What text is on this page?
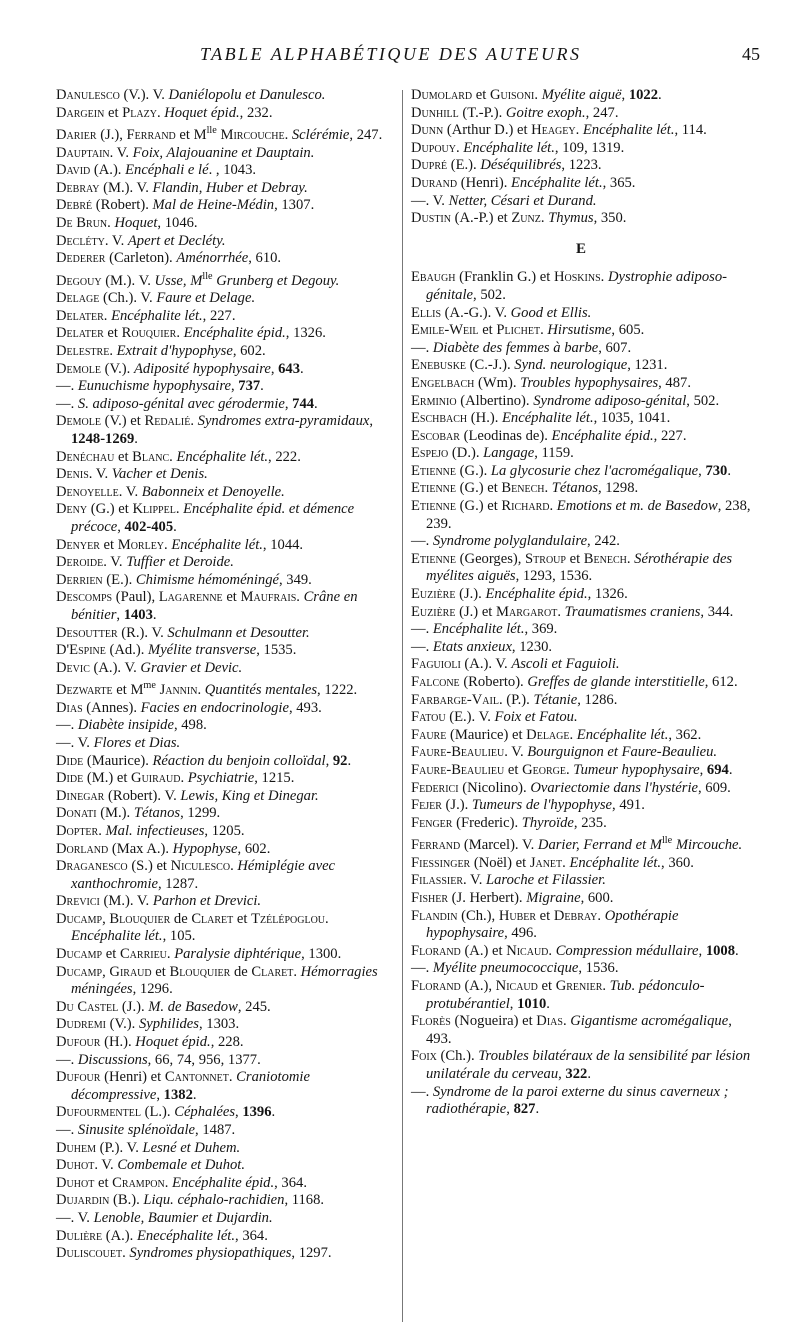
TABLE ALPHABÉTIQUE DES AUTEURS	45

Danulesco (V.). V. Daniélopolu et Danulesco.

Dargein et Plazy. Hoquet épid., 232.

Darier (J.), Ferrand et $M^{lle}$ Mircouche. Sclérémie, 247.

Dauptain. V. Foix, Alajouanine et Dauptain.

David (A.). Encéphali e lé. , 1043.

Debray (M.). V. Flandin, Huber et Debray.

Debré (Robert). Mal de Heine-Médin, 1307.

De Brun. Hoquet, 1046.

Decléty. V. Apert et Decléty.

Dederer (Carleton). Aménorrhée, 610.

Degouy (M.). V. Usse, $M^{lle}$ Grunberg et Degouy.

Delage (Ch.). V. Faure et Delage.

Delater. Encéphalite lét., 227.

Delater et Rouquier. Encéphalite épid., 1326.

Delestre. Extrait d'hypophyse, 602.

Demole (V.). Adiposité hypophysaire, 643.

—. Eunuchisme hypophysaire, 737.

—. S. adiposo-génital avec gérodermie, 744.

Demole (V.) et Redalié. Syndromes extra-pyramidaux, 1248-1269.

Denéchau et Blanc. Encéphalite lét., 222.

Denis. V. Vacher et Denis.

Denoyelle. V. Babonneix et Denoyelle.

Deny (G.) et Klippel. Encéphalite épid. et démence précoce, 402-405.

Denyer et Morley. Encéphalite lét., 1044.

Deroide. V. Tuffier et Deroide.

Derrien (E.). Chimisme hémoméningé, 349.

Descomps (Paul), Lagarenne et Maufrais. Crâne en bénitier, 1403.

Desoutter (R.). V. Schulmann et Desoutter.

D'Espine (Ad.). Myélite transverse, 1535.

Devic (A.). V. Gravier et Devic.

Dezwarte et $M^{me}$ Jannin. Quantités mentales, 1222.

Dias (Annes). Facies en endocrinologie, 493.

—. Diabète insipide, 498.

—. V. Flores et Dias.

Dide (Maurice). Réaction du benjoin colloïdal, 92.

Dide (M.) et Guiraud. Psychiatrie, 1215.

Dinegar (Robert). V. Lewis, King et Dinegar.

Donati (M.). Tétanos, 1299.

Dopter. Mal. infectieuses, 1205.

Dorland (Max A.). Hypophyse, 602.

Draganesco (S.) et Niculesco. Hémiplégie avec xanthochromie, 1287.

Drevici (M.). V. Parhon et Drevici.

Ducamp, Blouquier de Claret et Tzélépoglou. Encéphalite lét., 105.

Ducamp et Carrieu. Paralysie diphtérique, 1300.

Ducamp, Giraud et Blouquier de Claret. Hémorragies méningées, 1296.

Du Castel (J.). M. de Basedow, 245.

Dudremi (V.). Syphilides, 1303.

Dufour (H.). Hoquet épid., 228.

—. Discussions, 66, 74, 956, 1377.

Dufour (Henri) et Cantonnet. Craniotomie décompressive, 1382.

Dufourmentel (L.). Céphalées, 1396.

—. Sinusite splénoïdale, 1487.

Duhem (P.). V. Lesné et Duhem.

Duhot. V. Combemale et Duhot.

Duhot et Crampon. Encéphalite épid., 364.

Dujardin (B.). Liqu. céphalo-rachidien, 1168.

—. V. Lenoble, Baumier et Dujardin.

Dulière (A.). Enecéphalite lét., 364.

Duliscouet. Syndromes physiopathiques, 1297.

Dumolard et Guisoni. Myélite aiguë, 1022.

Dunhill (T.-P.). Goitre exoph., 247.

Dunn (Arthur D.) et Heagey. Encéphalite lét., 114.

Dupouy. Encéphalite lét., 109, 1319.

Dupré (E.). Déséquilibrés, 1223.

Durand (Henri). Encéphalite lét., 365.

—. V. Netter, Césari et Durand.

Dustin (A.-P.) et Zunz. Thymus, 350.

E

Ebaugh (Franklin G.) et Hoskins. Dystrophie adiposo-génitale, 502.

Ellis (A.-G.). V. Good et Ellis.

Emile-Weil et Plichet. Hirsutisme, 605.

—. Diabète des femmes à barbe, 607.

Enebuske (C.-J.). Synd. neurologique, 1231.

Engelbach (Wm). Troubles hypophysaires, 487.

Erminio (Albertino). Syndrome adiposo-génital, 502.

Eschbach (H.). Encéphalite lét., 1035, 1041.

Escobar (Leodinas de). Encéphalite épid., 227.

Espejo (D.). Langage, 1159.

Etienne (G.). La glycosurie chez l'acromégalique, 730.

Etienne (G.) et Benech. Tétanos, 1298.

Etienne (G.) et Richard. Emotions et m. de Basedow, 238, 239.

—. Syndrome polyglandulaire, 242.

Etienne (Georges), Stroup et Benech. Sérothérapie des myélites aiguës, 1293, 1536.

Euzière (J.). Encéphalite épid., 1326.

Euzière (J.) et Margarot. Traumatismes craniens, 344.

—. Encéphalite lét., 369.

—. Etats anxieux, 1230.

Faguioli (A.). V. Ascoli et Faguioli.

Falcone (Roberto). Greffes de glande interstitielle, 612.

Farbarge-Vail. (P.). Tétanie, 1286.

Fatou (E.). V. Foix et Fatou.

Faure (Maurice) et Delage. Encéphalite lét., 362.

Faure-Beaulieu. V. Bourguignon et Faure-Beaulieu.

Faure-Beaulieu et George. Tumeur hypophysaire, 694.

Federici (Nicolino). Ovariectomie dans l'hystérie, 609.

Fejer (J.). Tumeurs de l'hypophyse, 491.

Fenger (Frederic). Thyroïde, 235.

Ferrand (Marcel). V. Darier, Ferrand et $M^{lle}$ Mircouche.

Fiessinger (Noël) et Janet. Encéphalite lét., 360.

Filassier. V. Laroche et Filassier.

Fisher (J. Herbert). Migraine, 600.

Flandin (Ch.), Huber et Debray. Opothérapie hypophysaire, 496.

Florand (A.) et Nicaud. Compression médullaire, 1008.

—. Myélite pneumococcique, 1536.

Florand (A.), Nicaud et Grenier. Tub. pédonculo-protubérantiel, 1010.

Florès (Nogueira) et Dias. Gigantisme acromégalique, 493.

Foix (Ch.). Troubles bilatéraux de la sensibilité par lésion unilatérale du cerveau, 322.

—. Syndrome de la paroi externe du sinus caverneux ; radiothérapie, 827.
